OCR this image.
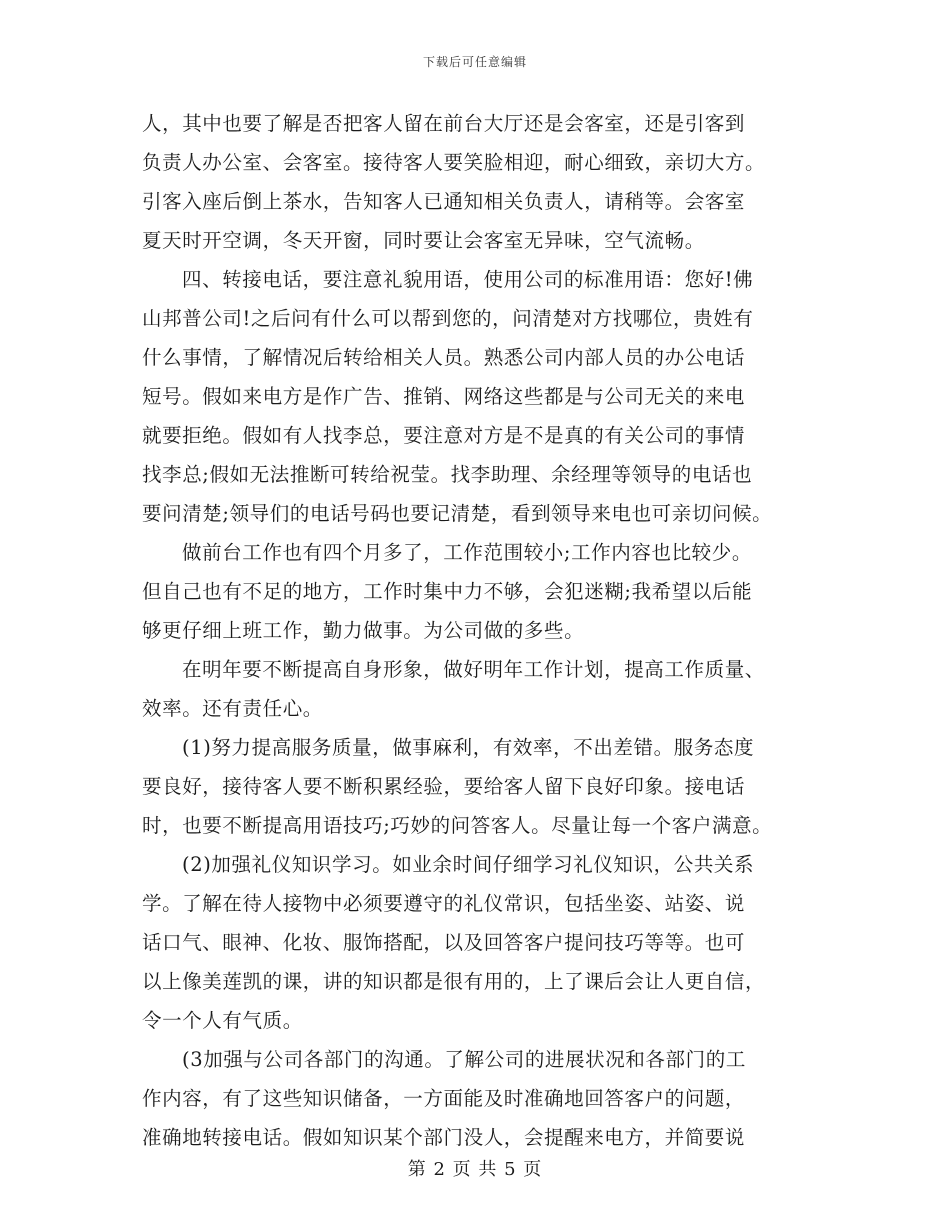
下载后可任意编辑
人，其中也要了解是否把客人留在前台大厅还是会客室，还是引客到
负责人办公室、会客室。接待客人要笑脸相迎，耐心细致，亲切大方。
引客入座后倒上茶水，告知客人已通知相关负责人，请稍等。会客室
夏天时开空调，冬天开窗，同时要让会客室无异味，空气流畅。
四、转接电话，要注意礼貌用语，使用公司的标准用语：您好!佛
山邦普公司!之后问有什么可以帮到您的，问清楚对方找哪位，贵姓有
什么事情，了解情况后转给相关人员。熟悉公司内部人员的办公电话
短号。假如来电方是作广告、推销、网络这些都是与公司无关的来电
就要拒绝。假如有人找李总，要注意对方是不是真的有关公司的事情
找李总;假如无法推断可转给祝莹。找李助理、余经理等领导的电话也
要问清楚;领导们的电话号码也要记清楚，看到领导来电也可亲切问候。
做前台工作也有四个月多了，工作范围较小;工作内容也比较少。
但自己也有不足的地方，工作时集中力不够，会犯迷糊;我希望以后能
够更仔细上班工作，勤力做事。为公司做的多些。
在明年要不断提高自身形象，做好明年工作计划，提高工作质量、
效率。还有责任心。
(1)努力提高服务质量，做事麻利，有效率，不出差错。服务态度
要良好，接待客人要不断积累经验，要给客人留下良好印象。接电话
时，也要不断提高用语技巧;巧妙的问答客人。尽量让每一个客户满意。
(2)加强礼仪知识学习。如业余时间仔细学习礼仪知识，公共关系
学。了解在待人接物中必须要遵守的礼仪常识，包括坐姿、站姿、说
话口气、眼神、化妆、服饰搭配，以及回答客户提问技巧等等。也可
以上像美莲凯的课，讲的知识都是很有用的，上了课后会让人更自信，
令一个人有气质。
(3加强与公司各部门的沟通。了解公司的进展状况和各部门的工
作内容，有了这些知识储备，一方面能及时准确地回答客户的问题，
准确地转接电话。假如知识某个部门没人，会提醒来电方，并简要说
第 2 页 共 5 页
